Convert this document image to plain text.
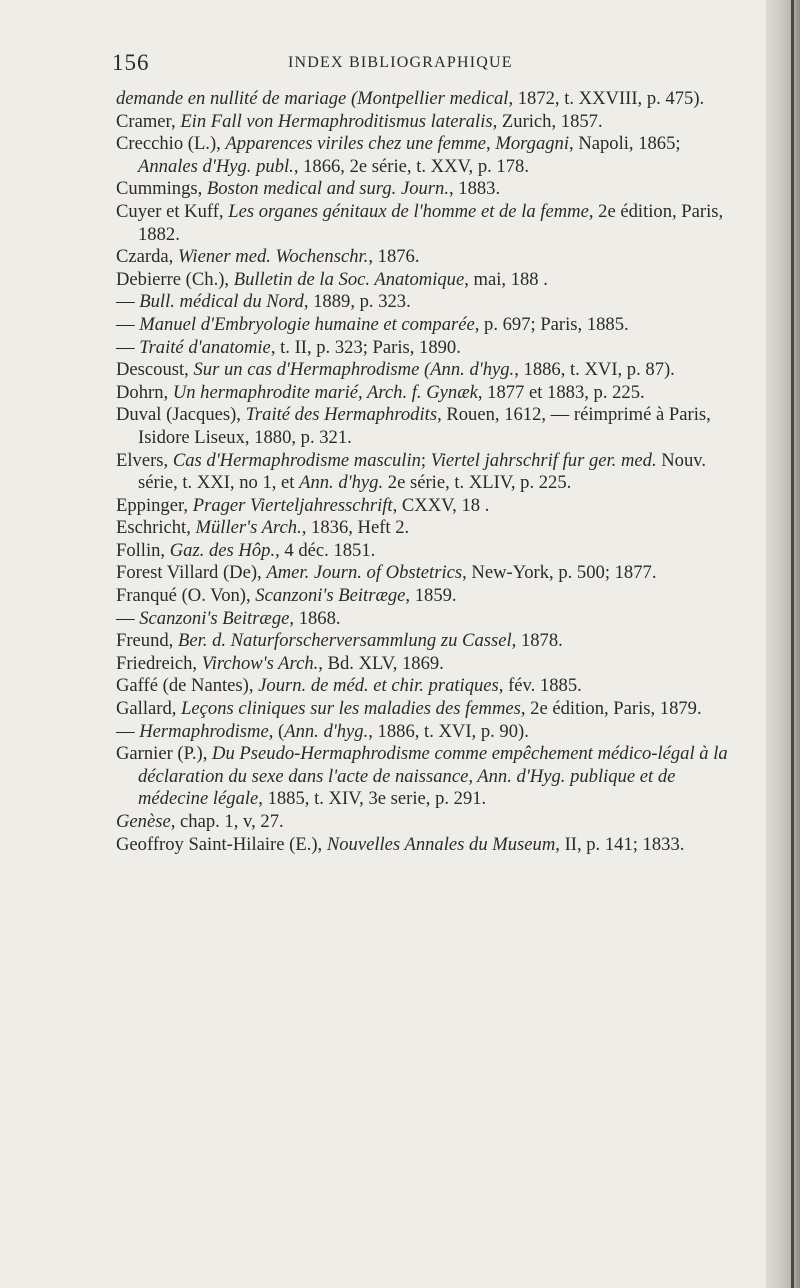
156	INDEX BIBLIOGRAPHIQUE

demande en nullité de mariage (Montpellier medical, 1872, t. XXVIII, p. 475).

Cramer, Ein Fall von Hermaphroditismus lateralis, Zurich, 1857.

Crecchio (L.), Apparences viriles chez une femme, Morgagni, Napoli, 1865; Annales d'Hyg. publ., 1866, 2e série, t. XXV, p. 178.

Cummings, Boston medical and surg. Journ., 1883.

Cuyer et Kuff, Les organes génitaux de l'homme et de la femme, 2e édition, Paris, 1882.

Czarda, Wiener med. Wochenschr., 1876.

Debierre (Ch.), Bulletin de la Soc. Anatomique, mai, 188 .

— Bull. médical du Nord, 1889, p. 323.

— Manuel d'Embryologie humaine et comparée, p. 697; Paris, 1885.

— Traité d'anatomie, t. II, p. 323; Paris, 1890.

Descoust, Sur un cas d'Hermaphrodisme (Ann. d'hyg., 1886, t. XVI, p. 87).

Dohrn, Un hermaphrodite marié, Arch. f. Gynæk, 1877 et 1883, p. 225.

Duval (Jacques), Traité des Hermaphrodits, Rouen, 1612, — réimprimé à Paris, Isidore Liseux, 1880, p. 321.

Elvers, Cas d'Hermaphrodisme masculin; Viertel jahrschrif fur ger. med. Nouv. série, t. XXI, no 1, et Ann. d'hyg. 2e série, t. XLIV, p. 225.

Eppinger, Prager Vierteljahresschrift, CXXV, 18 .

Eschricht, Müller's Arch., 1836, Heft 2.

Follin, Gaz. des Hôp., 4 déc. 1851.

Forest Villard (De), Amer. Journ. of Obstetrics, New-York, p. 500; 1877.

Franqué (O. Von), Scanzoni's Beitræge, 1859.

— Scanzoni's Beitræge, 1868.

Freund, Ber. d. Naturforscherversammlung zu Cassel, 1878.

Friedreich, Virchow's Arch., Bd. XLV, 1869.

Gaffé (de Nantes), Journ. de méd. et chir. pratiques, fév. 1885.

Gallard, Leçons cliniques sur les maladies des femmes, 2e édition, Paris, 1879.

— Hermaphrodisme, (Ann. d'hyg., 1886, t. XVI, p. 90).

Garnier (P.), Du Pseudo-Hermaphrodisme comme empêchement médico-légal à la déclaration du sexe dans l'acte de naissance, Ann. d'Hyg. publique et de médecine légale, 1885, t. XIV, 3e serie, p. 291.

Genèse, chap. 1, v, 27.

Geoffroy Saint-Hilaire (E.), Nouvelles Annales du Museum, II, p. 141; 1833.
